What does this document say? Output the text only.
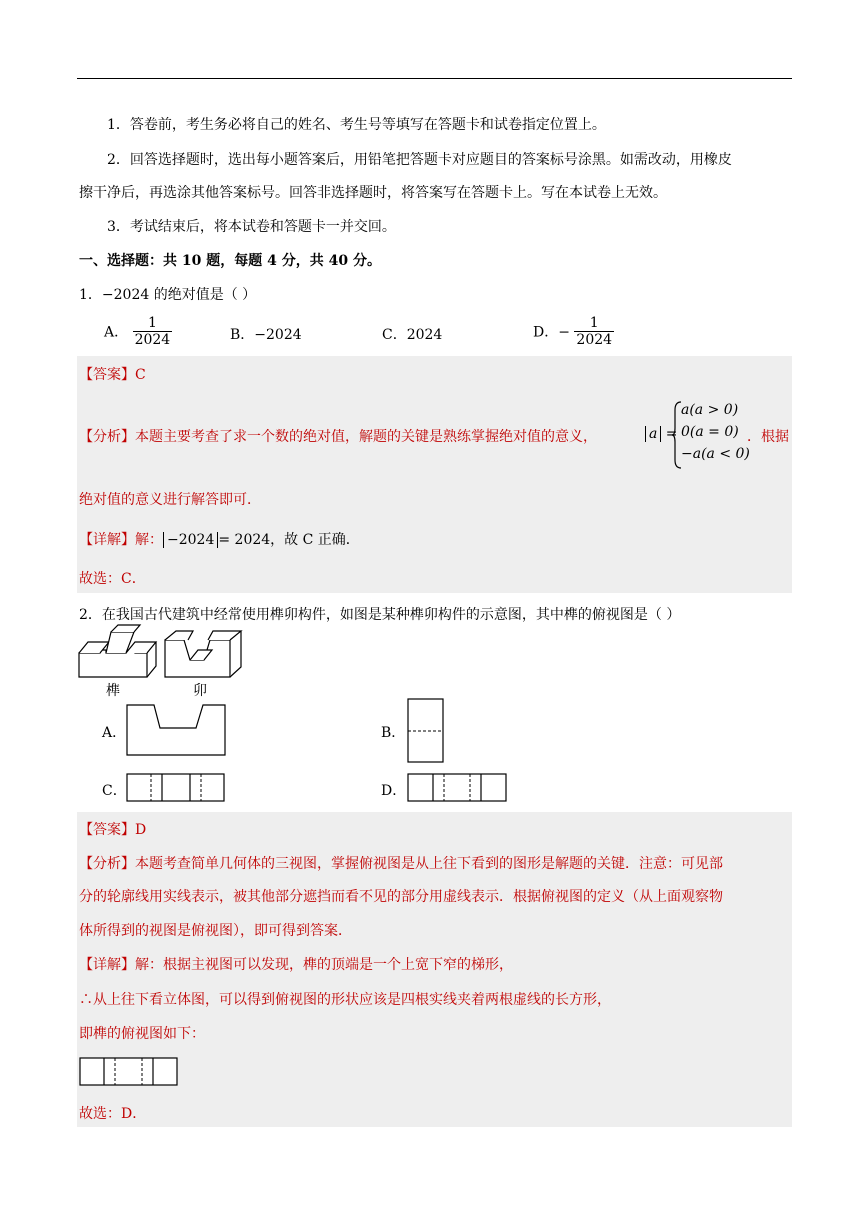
1．答卷前，考生务必将自己的姓名、考生号等填写在答题卡和试卷指定位置上。
2．回答选择题时，选出每小题答案后，用铅笔把答题卡对应题目的答案标号涂黑。如需改动，用橡皮
擦干净后，再选涂其他答案标号。回答非选择题时，将答案写在答题卡上。写在本试卷上无效。
3．考试结束后，将本试卷和答题卡一并交回。
一、选择题：共 10 题，每题 4 分，共 40 分。
1．−2024 的绝对值是（ ）
A． $\frac{1}{2024}$	B．−2024	C．2024	D．− $\frac{1}{2024}$
【答案】C
【分析】本题主要考查了求一个数的绝对值，解题的关键是熟练掌握绝对值的意义，	a =
a(a > 0)
0(a = 0)
−a(a < 0)
．根据
绝对值的意义进行解答即可．
【详解】解： −2024 = 2024，故 C 正确．
故选：C．
2．在我国古代建筑中经常使用榫卯构件，如图是某种榫卯构件的示意图，其中榫的俯视图是（ ）
榫	卯
A．	B．
C．	D．
【答案】D
【分析】本题考查简单几何体的三视图，掌握俯视图是从上往下看到的图形是解题的关键．注意：可见部
分的轮廓线用实线表示，被其他部分遮挡而看不见的部分用虚线表示．根据俯视图的定义（从上面观察物
体所得到的视图是俯视图），即可得到答案．
【详解】解：根据主视图可以发现，榫的顶端是一个上宽下窄的梯形，
∴从上往下看立体图，可以得到俯视图的形状应该是四根实线夹着两根虚线的长方形，
即榫的俯视图如下：
故选：D．
